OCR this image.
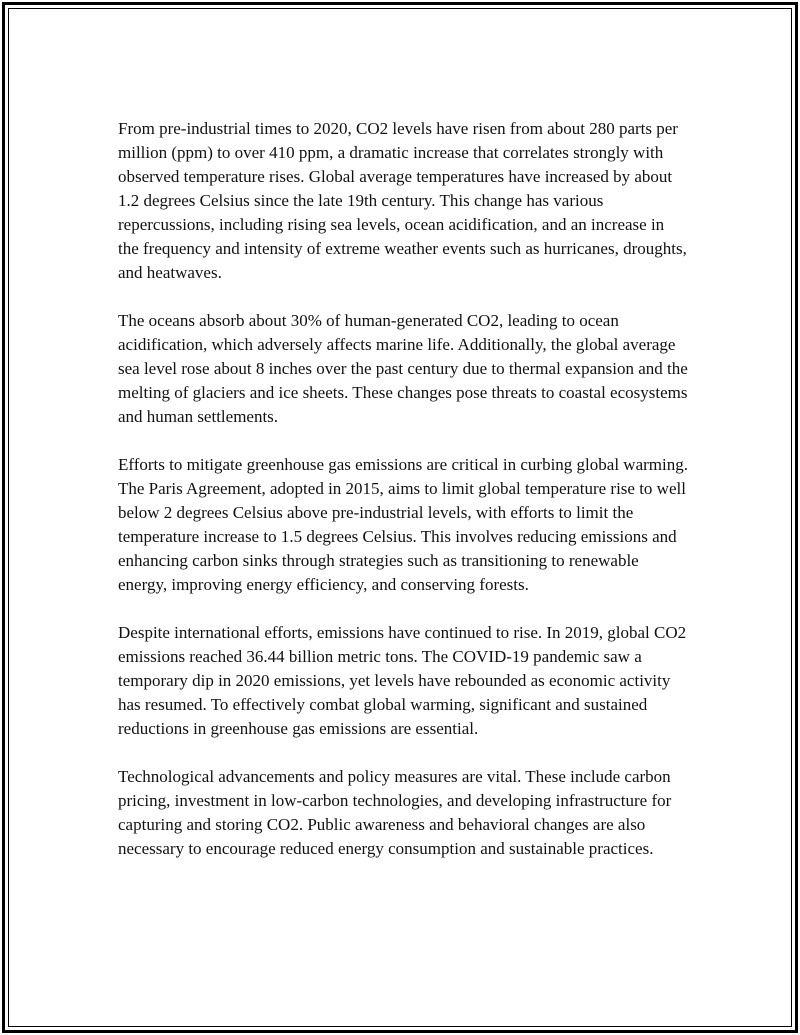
From pre-industrial times to 2020, CO2 levels have risen from about 280 parts per million (ppm) to over 410 ppm, a dramatic increase that correlates strongly with observed temperature rises. Global average temperatures have increased by about 1.2 degrees Celsius since the late 19th century. This change has various repercussions, including rising sea levels, ocean acidification, and an increase in the frequency and intensity of extreme weather events such as hurricanes, droughts, and heatwaves.

The oceans absorb about 30% of human-generated CO2, leading to ocean acidification, which adversely affects marine life. Additionally, the global average sea level rose about 8 inches over the past century due to thermal expansion and the melting of glaciers and ice sheets. These changes pose threats to coastal ecosystems and human settlements.

Efforts to mitigate greenhouse gas emissions are critical in curbing global warming. The Paris Agreement, adopted in 2015, aims to limit global temperature rise to well below 2 degrees Celsius above pre-industrial levels, with efforts to limit the temperature increase to 1.5 degrees Celsius. This involves reducing emissions and enhancing carbon sinks through strategies such as transitioning to renewable energy, improving energy efficiency, and conserving forests.

Despite international efforts, emissions have continued to rise. In 2019, global CO2 emissions reached 36.44 billion metric tons. The COVID-19 pandemic saw a temporary dip in 2020 emissions, yet levels have rebounded as economic activity has resumed. To effectively combat global warming, significant and sustained reductions in greenhouse gas emissions are essential.

Technological advancements and policy measures are vital. These include carbon pricing, investment in low-carbon technologies, and developing infrastructure for capturing and storing CO2. Public awareness and behavioral changes are also necessary to encourage reduced energy consumption and sustainable practices.
